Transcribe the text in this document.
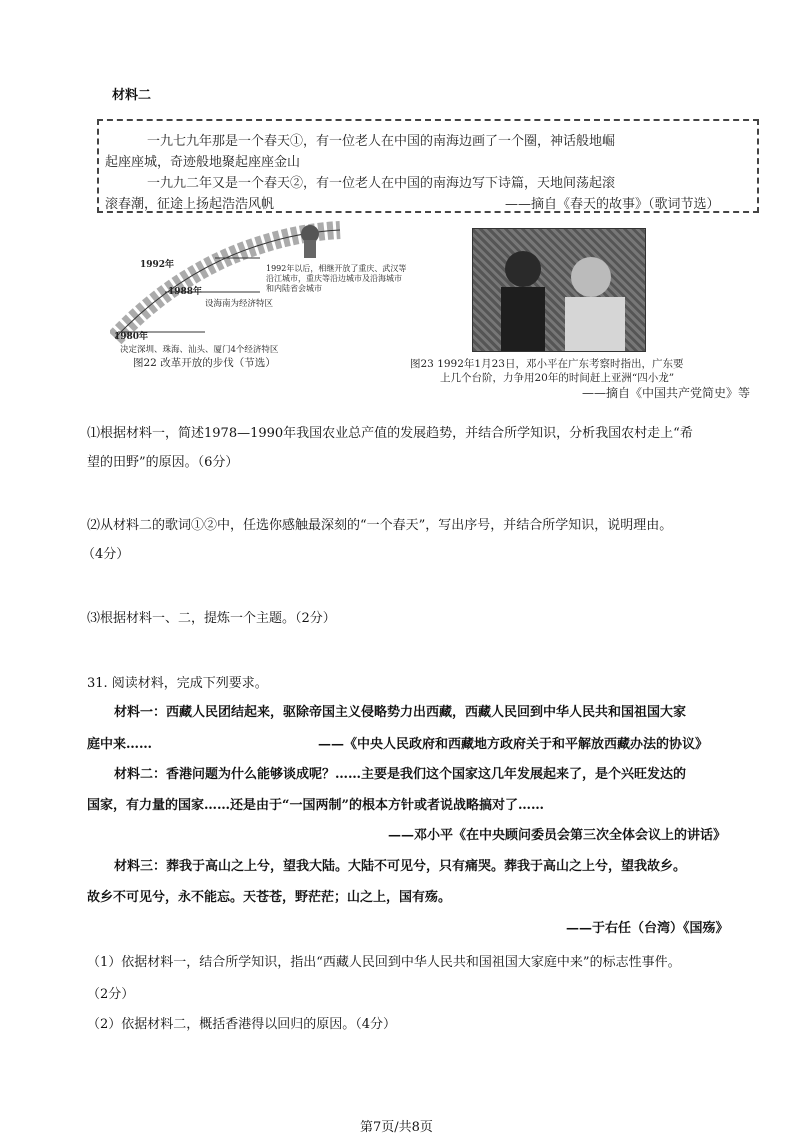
材料二
一九七九年那是一个春天①，有一位老人在中国的南海边画了一个圈，神话般地崛
起座座城，奇迹般地聚起座座金山
一九九二年又是一个春天②，有一位老人在中国的南海边写下诗篇，天地间荡起滚
滚春潮，征途上扬起浩浩风帆	——摘自《春天的故事》（歌词节选）
1992年	1992年以后，相继开放了重庆、武汉等
沿江城市，重庆等沿边城市及沿海城市
和内陆省会城市
1988年
设海南为经济特区
1980年
决定深圳、珠海、汕头、厦门4个经济特区
图22 改革开放的步伐（节选）	图23 1992年1月23日，邓小平在广东考察时指出，广东要
上几个台阶，力争用20年的时间赶上亚洲“四小龙”
——摘自《中国共产党简史》等
⑴根据材料一，简述1978—1990年我国农业总产值的发展趋势，并结合所学知识，分析我国农村走上“希
望的田野”的原因。（6分）
⑵从材料二的歌词①②中，任选你感触最深刻的“一个春天”，写出序号，并结合所学知识，说明理由。
（4分）
⑶根据材料一、二，提炼一个主题。（2分）
31. 阅读材料，完成下列要求。
材料一：西藏人民团结起来，驱除帝国主义侵略势力出西藏，西藏人民回到中华人民共和国祖国大家
庭中来……	——《中央人民政府和西藏地方政府关于和平解放西藏办法的协议》
材料二：香港问题为什么能够谈成呢？……主要是我们这个国家这几年发展起来了，是个兴旺发达的
国家，有力量的国家……还是由于“一国两制”的根本方针或者说战略搞对了……
——邓小平《在中央顾问委员会第三次全体会议上的讲话》
材料三：葬我于高山之上兮，望我大陆。大陆不可见兮，只有痛哭。葬我于高山之上兮，望我故乡。
故乡不可见兮，永不能忘。天苍苍，野茫茫；山之上，国有殇。
——于右任（台湾）《国殇》
（1）依据材料一，结合所学知识，指出“西藏人民回到中华人民共和国祖国大家庭中来”的标志性事件。
（2分）
（2）依据材料二，概括香港得以回归的原因。（4分）
第7页/共8页
